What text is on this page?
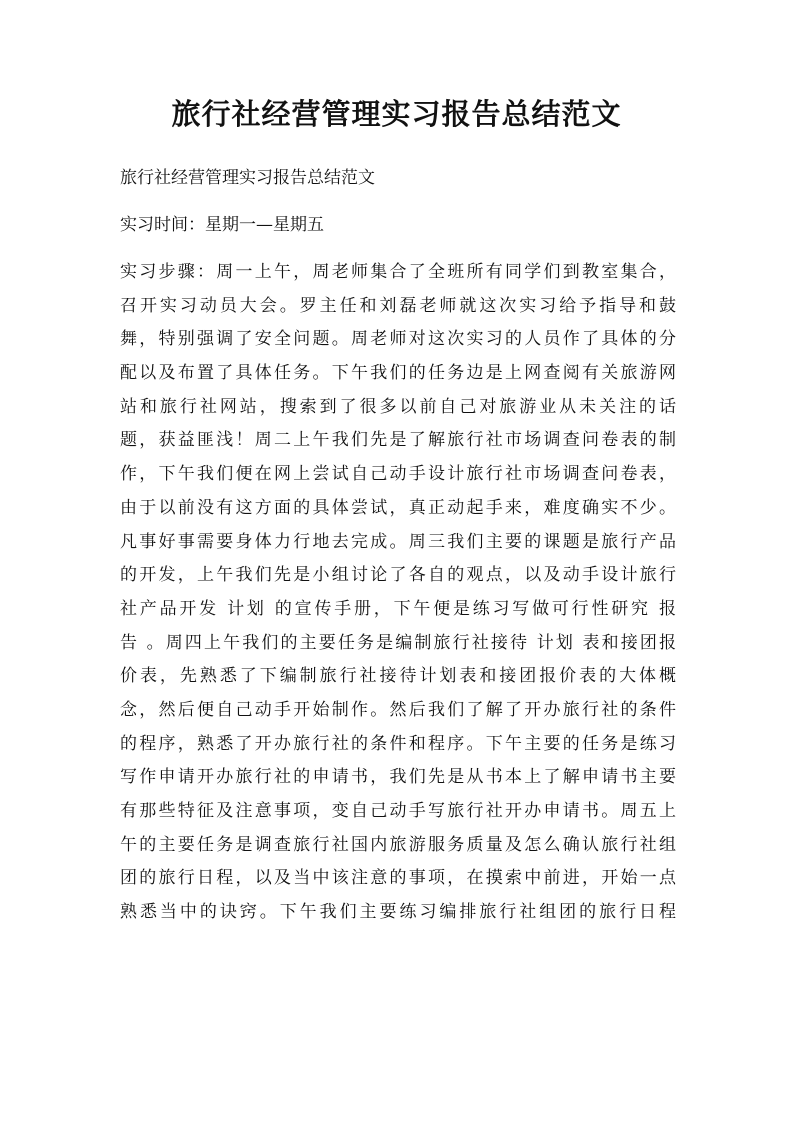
旅行社经营管理实习报告总结范文

旅行社经营管理实习报告总结范文

实习时间：星期一—星期五

实习步骤：周一上午，周老师集合了全班所有同学们到教室集合，
召开实习动员大会。罗主任和刘磊老师就这次实习给予指导和鼓
舞，特别强调了安全问题。周老师对这次实习的人员作了具体的分
配以及布置了具体任务。下午我们的任务边是上网查阅有关旅游网
站和旅行社网站，搜索到了很多以前自己对旅游业从未关注的话
题，获益匪浅！周二上午我们先是了解旅行社市场调查问卷表的制
作，下午我们便在网上尝试自己动手设计旅行社市场调查问卷表，
由于以前没有这方面的具体尝试，真正动起手来，难度确实不少。
凡事好事需要身体力行地去完成。周三我们主要的课题是旅行产品
的开发，上午我们先是小组讨论了各自的观点，以及动手设计旅行
社产品开发 计划 的宣传手册，下午便是练习写做可行性研究 报
告 。周四上午我们的主要任务是编制旅行社接待 计划 表和接团报
价表，先熟悉了下编制旅行社接待计划表和接团报价表的大体概
念，然后便自己动手开始制作。然后我们了解了开办旅行社的条件
的程序，熟悉了开办旅行社的条件和程序。下午主要的任务是练习
写作申请开办旅行社的申请书，我们先是从书本上了解申请书主要
有那些特征及注意事项，变自己动手写旅行社开办申请书。周五上
午的主要任务是调查旅行社国内旅游服务质量及怎么确认旅行社组
团的旅行日程，以及当中该注意的事项，在摸索中前进，开始一点
熟悉当中的诀窍。下午我们主要练习编排旅行社组团的旅行日程
